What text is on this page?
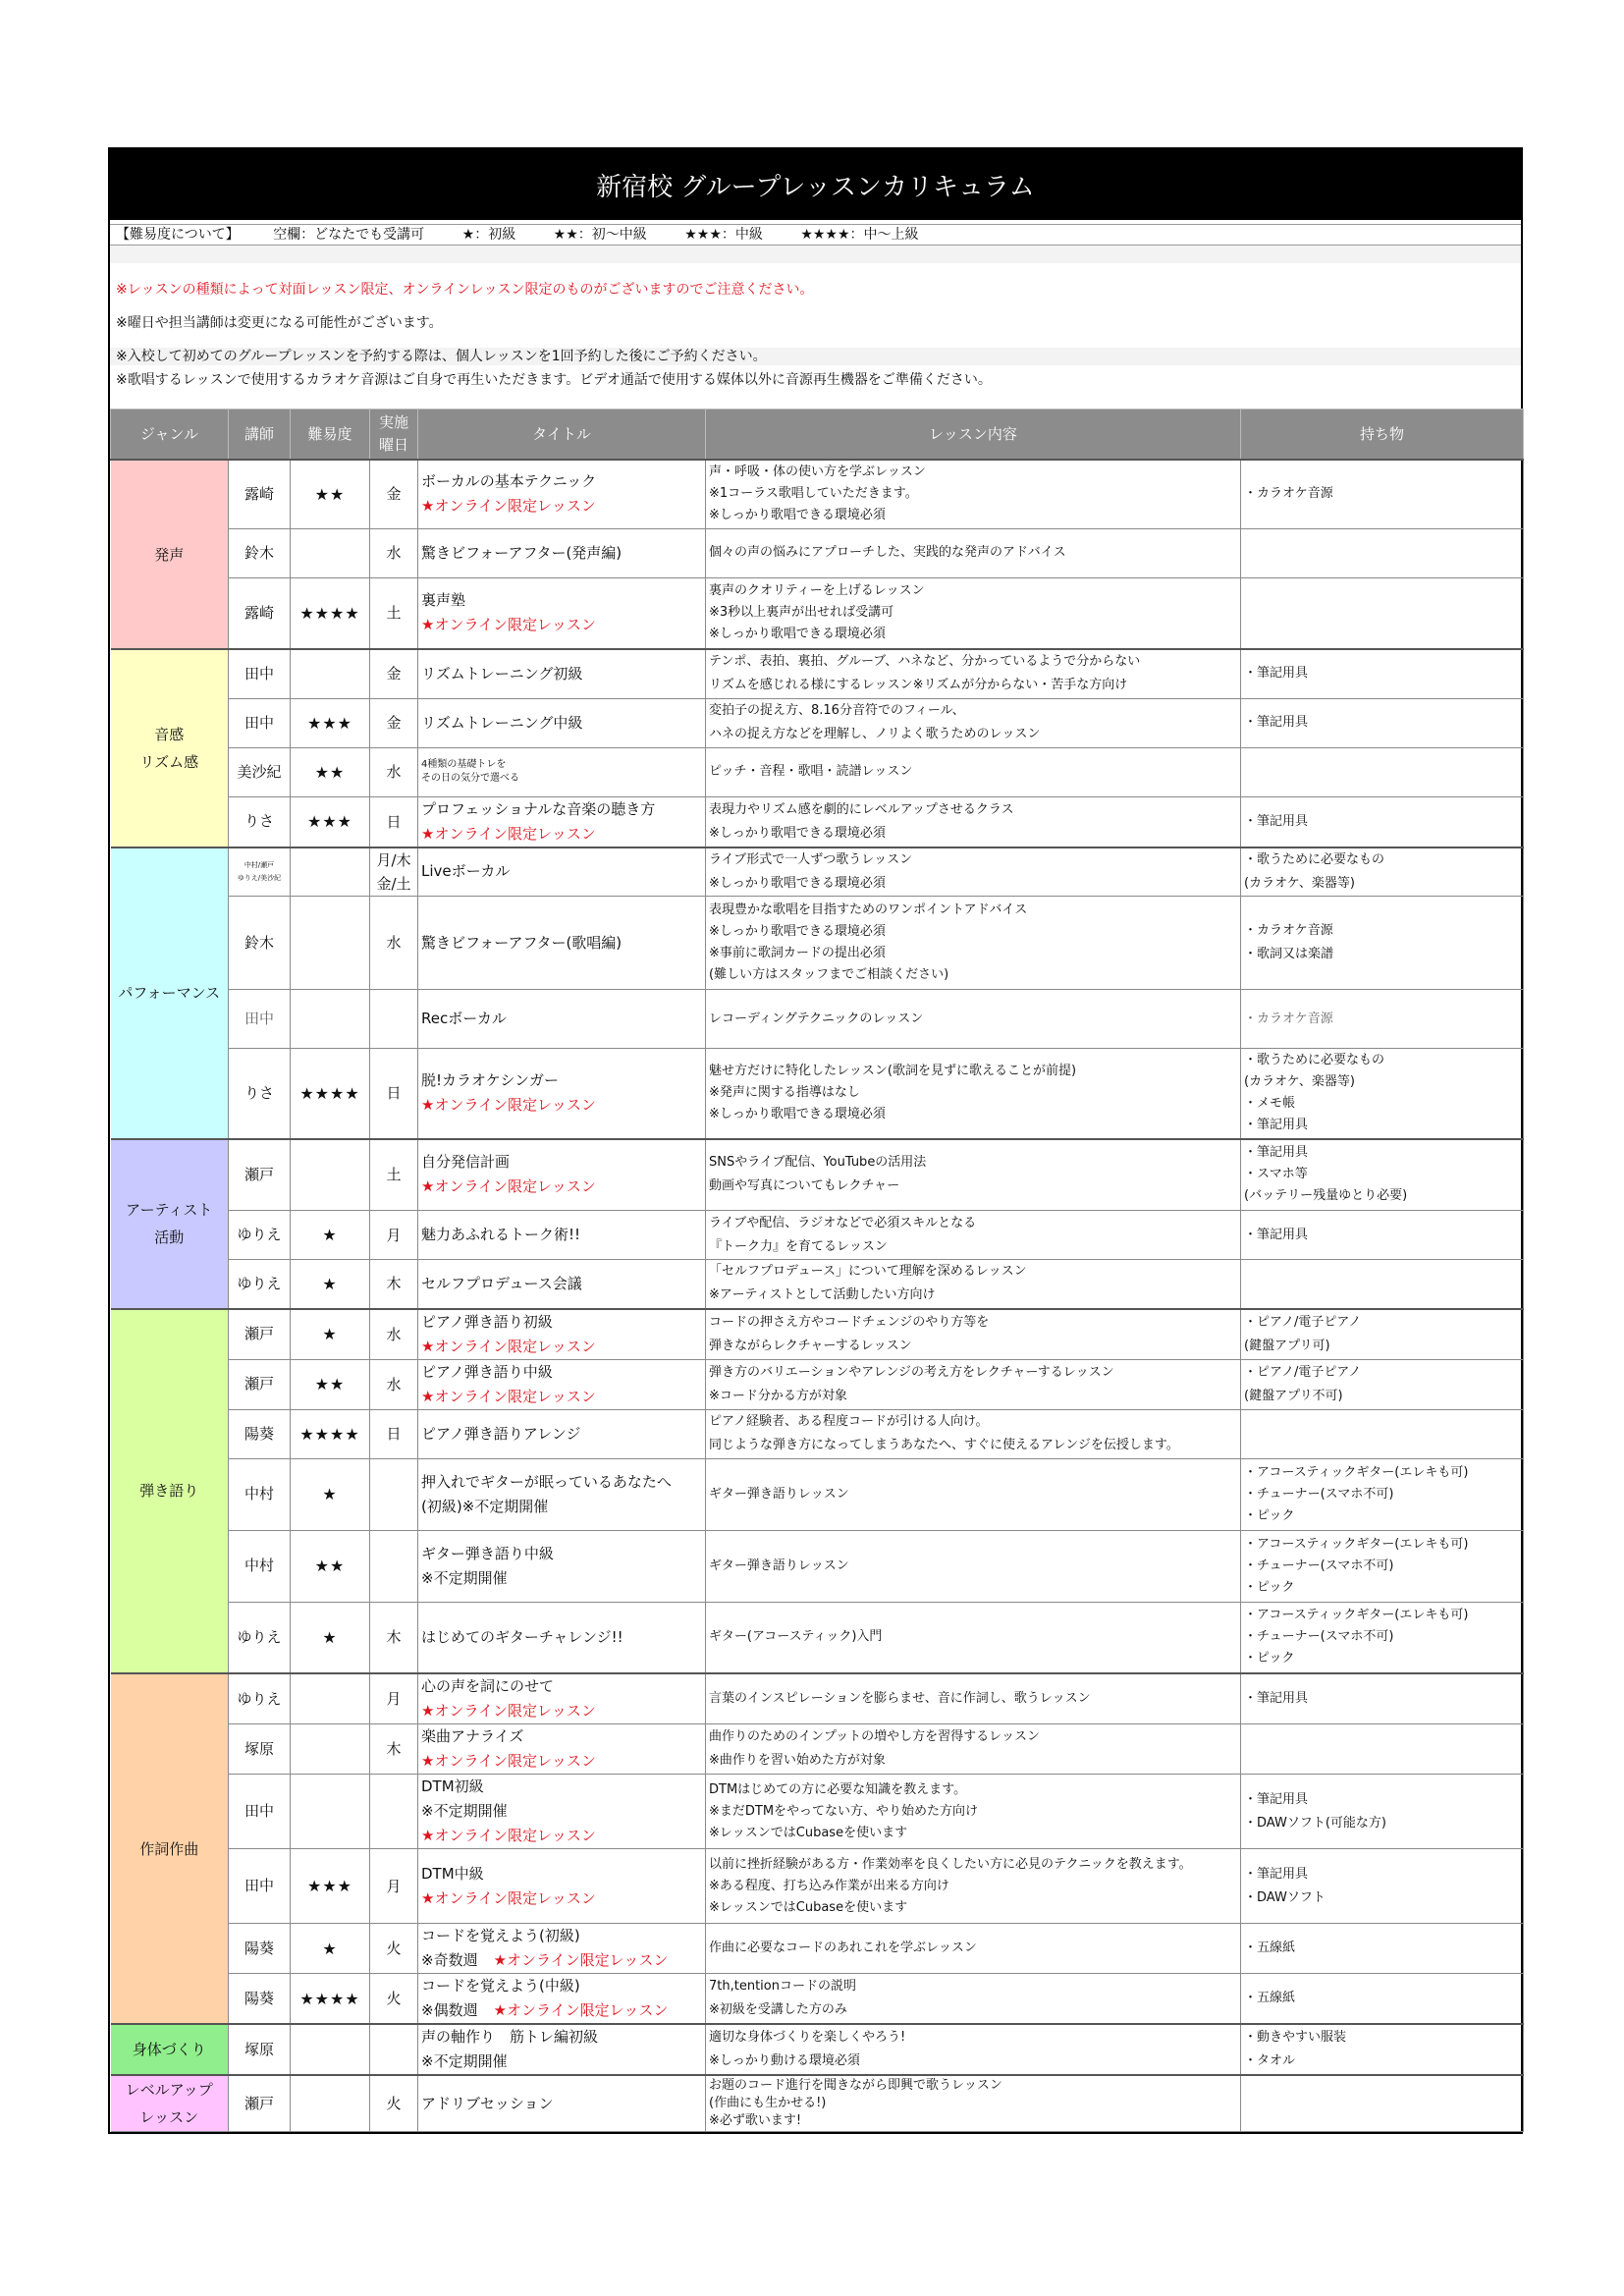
新宿校 グループレッスンカリキュラム
【難易度について】 空欄：どなたでも受講可	★：初級	★★：初〜中級	★★★：中級	★★★★：中〜上級
※レッスンの種類によって対面レッスン限定、オンラインレッスン限定のものがございますのでご注意ください。
※曜日や担当講師は変更になる可能性がございます。
※入校して初めてのグループレッスンを予約する際は、個人レッスンを1回予約した後にご予約ください。
※歌唱するレッスンで使用するカラオケ音源はご自身で再生いただきます。ビデオ通話で使用する媒体以外に音源再生機器をご準備ください。
ジャンル	講師	難易度	実施
曜日	タイトル	レッスン内容	持ち物

発声	露崎	★★	金	ボーカルの基本テクニック
★オンライン限定レッスン	声・呼吸・体の使い方を学ぶレッスン
※1コーラス歌唱していただきます。
※しっかり歌唱できる環境必須	・カラオケ音源

	鈴木		水	驚きビフォーアフター(発声編)	個々の声の悩みにアプローチした、実践的な発声のアドバイス	

	露崎	★★★★	土	裏声塾
★オンライン限定レッスン	裏声のクオリティーを上げるレッスン
※3秒以上裏声が出せれば受講可
※しっかり歌唱できる環境必須	

音感
リズム感	田中		金	リズムトレーニング初級	テンポ、表拍、裏拍、グルーブ、ハネなど、分かっているようで分からない
リズムを感じれる様にするレッスン※リズムが分からない・苦手な方向け	・筆記用具

	田中	★★★	金	リズムトレーニング中級	変拍子の捉え方、8.16分音符でのフィール、
ハネの捉え方などを理解し、ノリよく歌うためのレッスン	・筆記用具

	美沙紀	★★	水	4種類の基礎トレを
その日の気分で選べる	ピッチ・音程・歌唱・読譜レッスン	

	りさ	★★★	日	プロフェッショナルな音楽の聴き方
★オンライン限定レッスン	表現力やリズム感を劇的にレベルアップさせるクラス
※しっかり歌唱できる環境必須	・筆記用具

パフォーマンス	中村/瀬戸
ゆりえ/美沙紀		月/木
金/土	Liveボーカル	ライブ形式で一人ずつ歌うレッスン
※しっかり歌唱できる環境必須	・歌うために必要なもの
(カラオケ、楽器等)

	鈴木		水	驚きビフォーアフター(歌唱編)	表現豊かな歌唱を目指すためのワンポイントアドバイス
※しっかり歌唱できる環境必須
※事前に歌詞カードの提出必須
(難しい方はスタッフまでご相談ください)	・カラオケ音源
・歌詞又は楽譜

	田中			Recボーカル	レコーディングテクニックのレッスン	・カラオケ音源

	りさ	★★★★	日	脱!カラオケシンガー
★オンライン限定レッスン	魅せ方だけに特化したレッスン(歌詞を見ずに歌えることが前提)
※発声に関する指導はなし
※しっかり歌唱できる環境必須	・歌うために必要なもの
(カラオケ、楽器等)
・メモ帳
・筆記用具

アーティスト
活動	瀬戸		土	自分発信計画
★オンライン限定レッスン	SNSやライブ配信、YouTubeの活用法
動画や写真についてもレクチャー	・筆記用具
・スマホ等
(バッテリー残量ゆとり必要)

	ゆりえ	★	月	魅力あふれるトーク術!!	ライブや配信、ラジオなどで必須スキルとなる
『トーク力』を育てるレッスン	・筆記用具

	ゆりえ	★	木	セルフプロデュース会議	「セルフプロデュース」について理解を深めるレッスン
※アーティストとして活動したい方向け	

弾き語り	瀬戸	★	水	ピアノ弾き語り初級
★オンライン限定レッスン	コードの押さえ方やコードチェンジのやり方等を
弾きながらレクチャーするレッスン	・ピアノ/電子ピアノ
(鍵盤アプリ可)

	瀬戸	★★	水	ピアノ弾き語り中級
★オンライン限定レッスン	弾き方のバリエーションやアレンジの考え方をレクチャーするレッスン
※コード分かる方が対象	・ピアノ/電子ピアノ
(鍵盤アプリ不可)

	陽葵	★★★★	日	ピアノ弾き語りアレンジ	ピアノ経験者、ある程度コードが引ける人向け。
同じような弾き方になってしまうあなたへ、すぐに使えるアレンジを伝授します。	

	中村	★		押入れでギターが眠っているあなたへ
(初級)※不定期開催	ギター弾き語りレッスン	・アコースティックギター(エレキも可)
・チューナー(スマホ不可)
・ピック

	中村	★★		ギター弾き語り中級
※不定期開催	ギター弾き語りレッスン	・アコースティックギター(エレキも可)
・チューナー(スマホ不可)
・ピック

	ゆりえ	★	木	はじめてのギターチャレンジ!!	ギター(アコースティック)入門	・アコースティックギター(エレキも可)
・チューナー(スマホ不可)
・ピック

作詞作曲	ゆりえ		月	心の声を詞にのせて
★オンライン限定レッスン	言葉のインスピレーションを膨らませ、音に作詞し、歌うレッスン	・筆記用具

	塚原		木	楽曲アナライズ
★オンライン限定レッスン	曲作りのためのインプットの増やし方を習得するレッスン
※曲作りを習い始めた方が対象	

	田中			DTM初級
※不定期開催
★オンライン限定レッスン	DTMはじめての方に必要な知識を教えます。
※まだDTMをやってない方、やり始めた方向け
※レッスンではCubaseを使います	・筆記用具
・DAWソフト(可能な方)

	田中	★★★	月	DTM中級
★オンライン限定レッスン	以前に挫折経験がある方・作業効率を良くしたい方に必見のテクニックを教えます。
※ある程度、打ち込み作業が出来る方向け
※レッスンではCubaseを使います	・筆記用具
・DAWソフト

	陽葵	★	火	コードを覚えよう(初級)
※奇数週 ★オンライン限定レッスン	作曲に必要なコードのあれこれを学ぶレッスン	・五線紙

	陽葵	★★★★	火	コードを覚えよう(中級)
※偶数週 ★オンライン限定レッスン	7th,tentionコードの説明
※初級を受講した方のみ	・五線紙

身体づくり	塚原			声の軸作り　筋トレ編初級
※不定期開催	適切な身体づくりを楽しくやろう!
※しっかり動ける環境必須	・動きやすい服装
・タオル

レベルアップ
レッスン	瀬戸		火	アドリブセッション	お題のコード進行を聞きながら即興で歌うレッスン
(作曲にも生かせる!)
※必ず歌います!	
